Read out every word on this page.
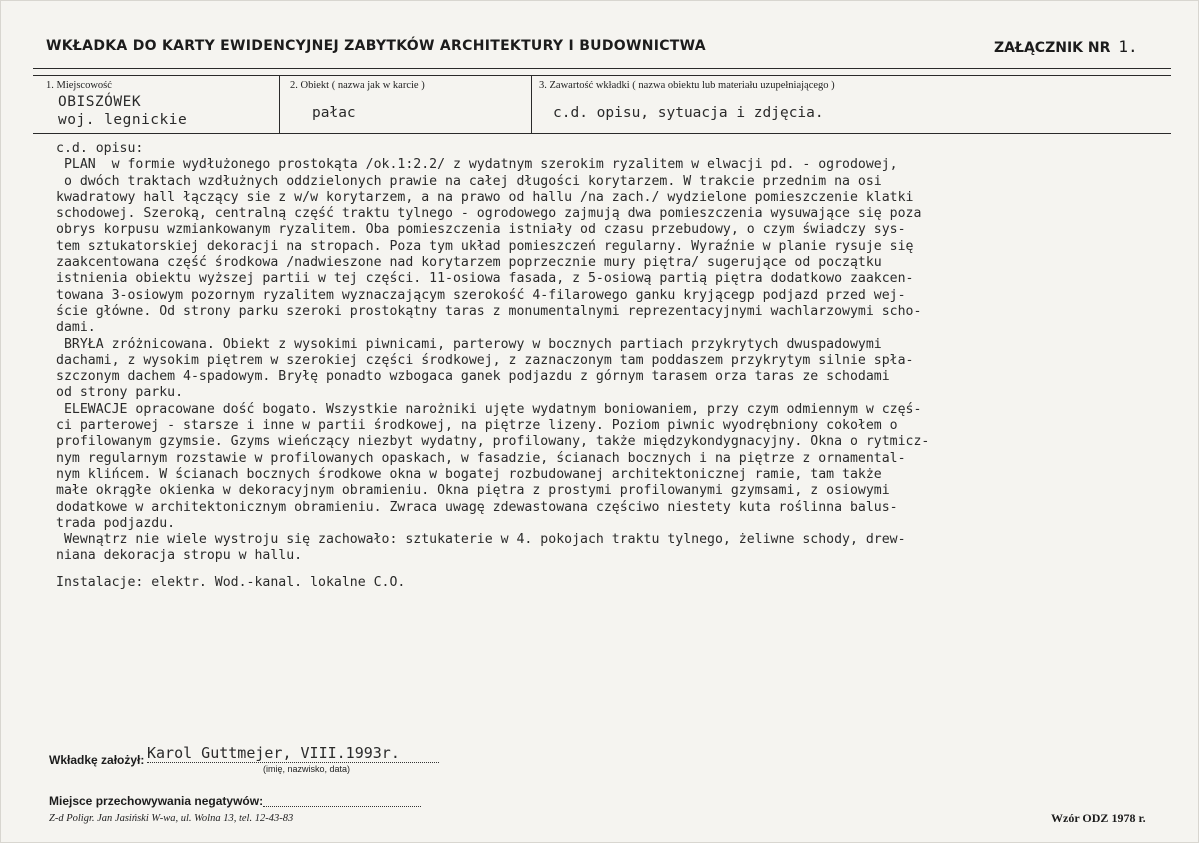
WKŁADKA DO KARTY EWIDENCYJNEJ ZABYTKÓW ARCHITEKTURY I BUDOWNICTWA	ZAŁĄCZNIK NR 1.
1. Miejscowość
OBISZÓWEK
woj. legnickie
2. Obiekt ( nazwa jak w karcie )
pałac
3. Zawartość wkładki ( nazwa obiektu lub materiału uzupełniającego )
c.d. opisu, sytuacja i zdjęcia.
c.d. opisu:
PLAN  w formie wydłużonego prostokąta /ok.1:2.2/ z wydatnym szerokim ryzalitem w elwacji pd. - ogrodowej,
o dwóch traktach wzdłużnych oddzielonych prawie na całej długości korytarzem. W trakcie przednim na osi
kwadratowy hall łączący sie z w/w korytarzem, a na prawo od hallu /na zach./ wydzielone pomieszczenie klatki
schodowej. Szeroką, centralną część traktu tylnego - ogrodowego zajmują dwa pomieszczenia wysuwające się poza
obrys korpusu wzmiankowanym ryzalitem. Oba pomieszczenia istniały od czasu przebudowy, o czym świadczy sys-
tem sztukatorskiej dekoracji na stropach. Poza tym układ pomieszczeń regularny. Wyraźnie w planie rysuje się
zaakcentowana część środkowa /nadwieszone nad korytarzem poprzecznie mury piętra/ sugerujące od początku
istnienia obiektu wyższej partii w tej części. 11-osiowa fasada, z 5-osiową partią piętra dodatkowo zaakcen-
towana 3-osiowym pozornym ryzalitem wyznaczającym szerokość 4-filarowego ganku kryjącegp podjazd przed wej-
ście główne. Od strony parku szeroki prostokątny taras z monumentalnymi reprezentacyjnymi wachlarzowymi scho-
dami.
BRYŁA zróżnicowana. Obiekt z wysokimi piwnicami, parterowy w bocznych partiach przykrytych dwuspadowymi
dachami, z wysokim piętrem w szerokiej części środkowej, z zaznaczonym tam poddaszem przykrytym silnie spła-
szczonym dachem 4-spadowym. Bryłę ponadto wzbogaca ganek podjazdu z górnym tarasem orza taras ze schodami
od strony parku.
ELEWACJE opracowane dość bogato. Wszystkie narożniki ujęte wydatnym boniowaniem, przy czym odmiennym w częś-
ci parterowej - starsze i inne w partii środkowej, na piętrze lizeny. Poziom piwnic wyodrębniony cokołem o
profilowanym gzymsie. Gzyms wieńczący niezbyt wydatny, profilowany, także międzykondygnacyjny. Okna o rytmicz-
nym regularnym rozstawie w profilowanych opaskach, w fasadzie, ścianach bocznych i na piętrze z ornamental-
nym klińcem. W ścianach bocznych środkowe okna w bogatej rozbudowanej architektonicznej ramie, tam także
małe okrągłe okienka w dekoracyjnym obramieniu. Okna piętra z prostymi profilowanymi gzymsami, z osiowymi
dodatkowe w architektonicznym obramieniu. Zwraca uwagę zdewastowana częściwo niestety kuta roślinna balus-
trada podjazdu.
Wewnątrz nie wiele wystroju się zachowało: sztukaterie w 4. pokojach traktu tylnego, żeliwne schody, drew-
niana dekoracja stropu w hallu.
Instalacje: elektr. Wod.-kanal. lokalne C.O.
Wkładkę założył: Karol Guttmejer, VIII.1993r.
(imię, nazwisko, data)
Miejsce przechowywania negatywów:
Z-d Poligr. Jan Jasiński W-wa, ul. Wolna 13, tel. 12-43-83	Wzór ODZ 1978 r.
